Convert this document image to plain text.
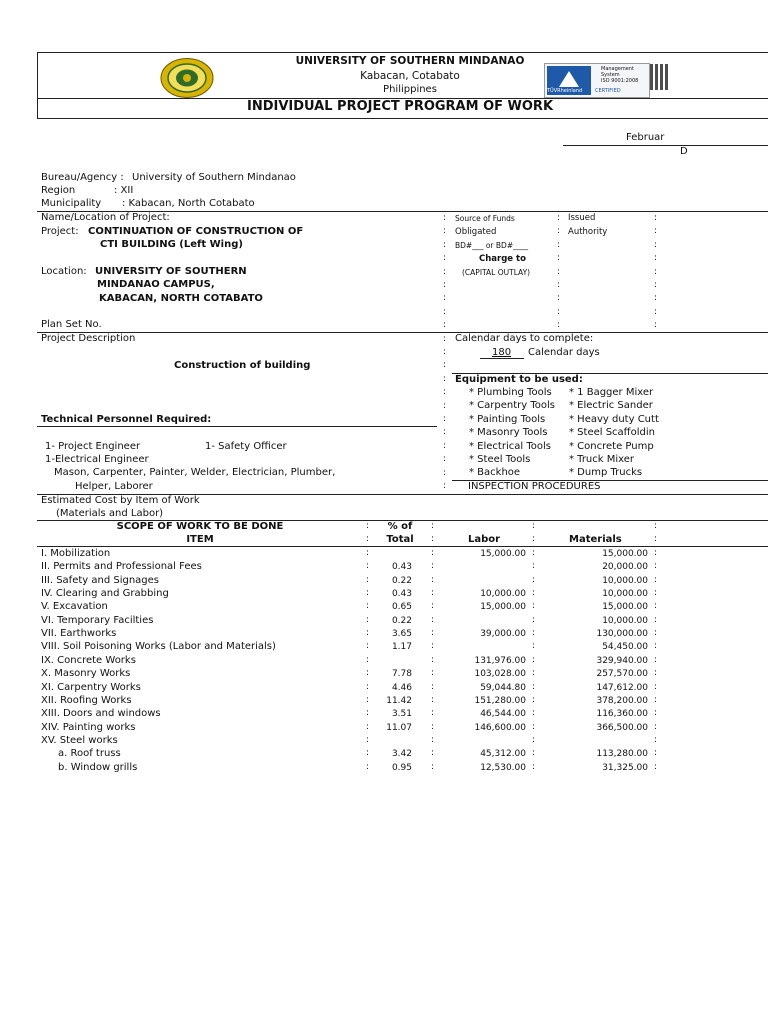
UNIVERSITY OF SOUTHERN MINDANAO
Kabacan, Cotabato
Philippines
Management
System
ISO 9001:2008
TÜVRheinland	CERTIFIED
INDIVIDUAL PROJECT PROGRAM OF WORK
Februar
D
Bureau/Agency : University of Southern Mindanao
Region	: XII
Municipality : Kabacan, North Cotabato
Name/Location of Project:	Source of Funds	Issued
Obligated	Authority
BD#___ or BD#____
Charge to
(CAPITAL OUTLAY)
Project: CONTINUATION OF CONSTRUCTION OF
CTI BUILDING (Left Wing)
Location: UNIVERSITY OF SOUTHERN
MINDANAO CAMPUS,
KABACAN, NORTH COTABATO
Plan Set No.
Project Description
Construction of building
Calendar days to complete:
180 Calendar days
Equipment to be used:
* Plumbing Tools
* Carpentry Tools
* Painting Tools
* Masonry Tools
* Electrical Tools
* Steel Tools
* Backhoe
* 1 Bagger Mixer
* Electric Sander
* Heavy duty Cutt
* Steel Scaffoldin
* Concrete Pump
* Truck Mixer
* Dump Trucks
INSPECTION PROCEDURES
Technical Personnel Required:
1- Project Engineer	1- Safety Officer
1-Electrical Engineer
Mason, Carpenter, Painter, Welder, Electrician, Plumber,
Helper, Laborer
:	:	:
:	:	:
:	:	:
:	:	:
:	:	:
:	:	:
:	:	:
:	:	:
:	:	:
:
:
:
:
:
:
:
:
:
:
:
:
Estimated Cost by Item of Work
(Materials and Labor)
SCOPE OF WORK TO BE DONE
ITEM
% of
Total	Labor	Materials
I. Mobilization	:	:	15,000.00 :	15,000.00 :
II. Permits and Professional Fees	:	0.43 :	:	20,000.00 :
III. Safety and Signages	:	0.22 :	:	10,000.00 :
IV. Clearing and Grabbing	:	0.43 :	10,000.00 :	10,000.00 :
V. Excavation	:	0.65 :	15,000.00 :	15,000.00 :
VI. Temporary Facilties	:	0.22 :	:	10,000.00 :
VII. Earthworks	:	3.65 :	39,000.00 :	130,000.00 :
VIII. Soil Poisoning Works (Labor and Materials)	:	1.17 :	:	54,450.00 :
IX. Concrete Works	:	:	131,976.00 :	329,940.00 :
X. Masonry Works	:	7.78 :	103,028.00 :	257,570.00 :
XI. Carpentry Works	:	4.46 :	59,044.80 :	147,612.00 :
XII. Roofing Works	:	11.42 :	151,280.00 :	378,200.00 :
XIII. Doors and windows	:	3.51 :	46,544.00 :	116,360.00 :
XIV. Painting works	:	11.07 :	146,600.00 :	366,500.00 :
XV. Steel works	:	:	:	:
a. Roof truss	:	3.42 :	45,312.00 :	113,280.00 :
b. Window grills	:	0.95 :	12,530.00 :	31,325.00 :
:
:
:
:
:
:
:
:
